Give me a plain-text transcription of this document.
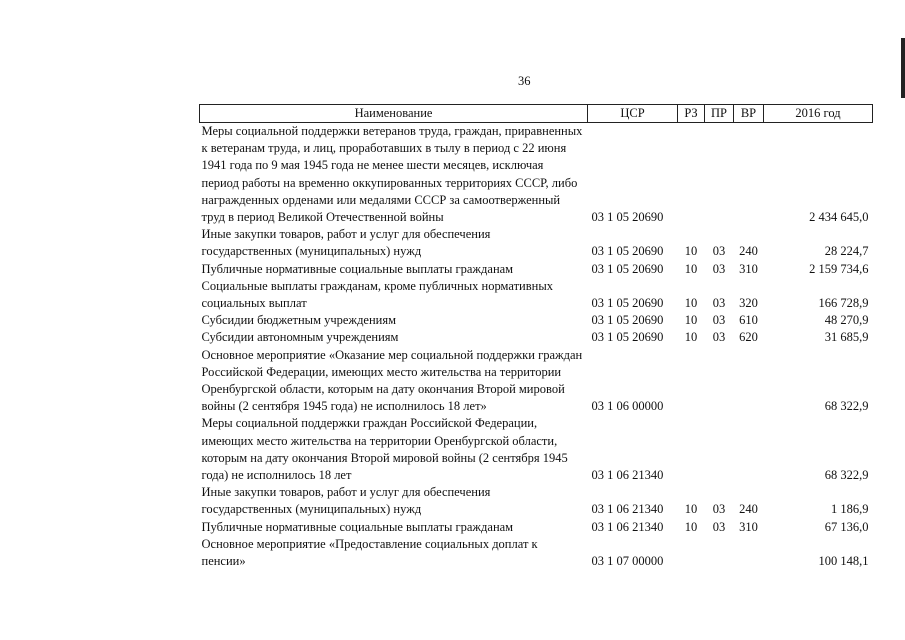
36
Наименование	ЦСР	РЗ	ПР	ВР	2016 год
Меры социальной поддержки ветеранов труда, граждан, приравненных к ветеранам труда, и лиц, проработавших в тылу в период с 22 июня 1941 года по 9 мая 1945 года не менее шести месяцев, исключая период работы на временно оккупированных территориях СССР, либо награжденных орденами или медалями СССР за самоотверженный труд в период Великой Отечественной войны	03 1 05 20690				2 434 645,0
Иные закупки товаров, работ и услуг для обеспечения государственных (муниципальных) нужд	03 1 05 20690	10	03	240	28 224,7
Публичные нормативные социальные выплаты гражданам	03 1 05 20690	10	03	310	2 159 734,6
Социальные выплаты гражданам, кроме публичных нормативных социальных выплат	03 1 05 20690	10	03	320	166 728,9
Субсидии бюджетным учреждениям	03 1 05 20690	10	03	610	48 270,9
Субсидии автономным учреждениям	03 1 05 20690	10	03	620	31 685,9
Основное мероприятие «Оказание мер социальной поддержки граждан Российской Федерации, имеющих место жительства на территории Оренбургской области, которым на дату окончания Второй мировой войны (2 сентября 1945 года) не исполнилось 18 лет»	03 1 06 00000				68 322,9
Меры социальной поддержки граждан Российской Федерации, имеющих место жительства на территории Оренбургской области, которым на дату окончания Второй мировой войны (2 сентября 1945 года) не исполнилось 18 лет	03 1 06 21340				68 322,9
Иные закупки товаров, работ и услуг для обеспечения государственных (муниципальных) нужд	03 1 06 21340	10	03	240	1 186,9
Публичные нормативные социальные выплаты гражданам	03 1 06 21340	10	03	310	67 136,0
Основное мероприятие «Предоставление социальных доплат к пенсии»	03 1 07 00000				100 148,1
